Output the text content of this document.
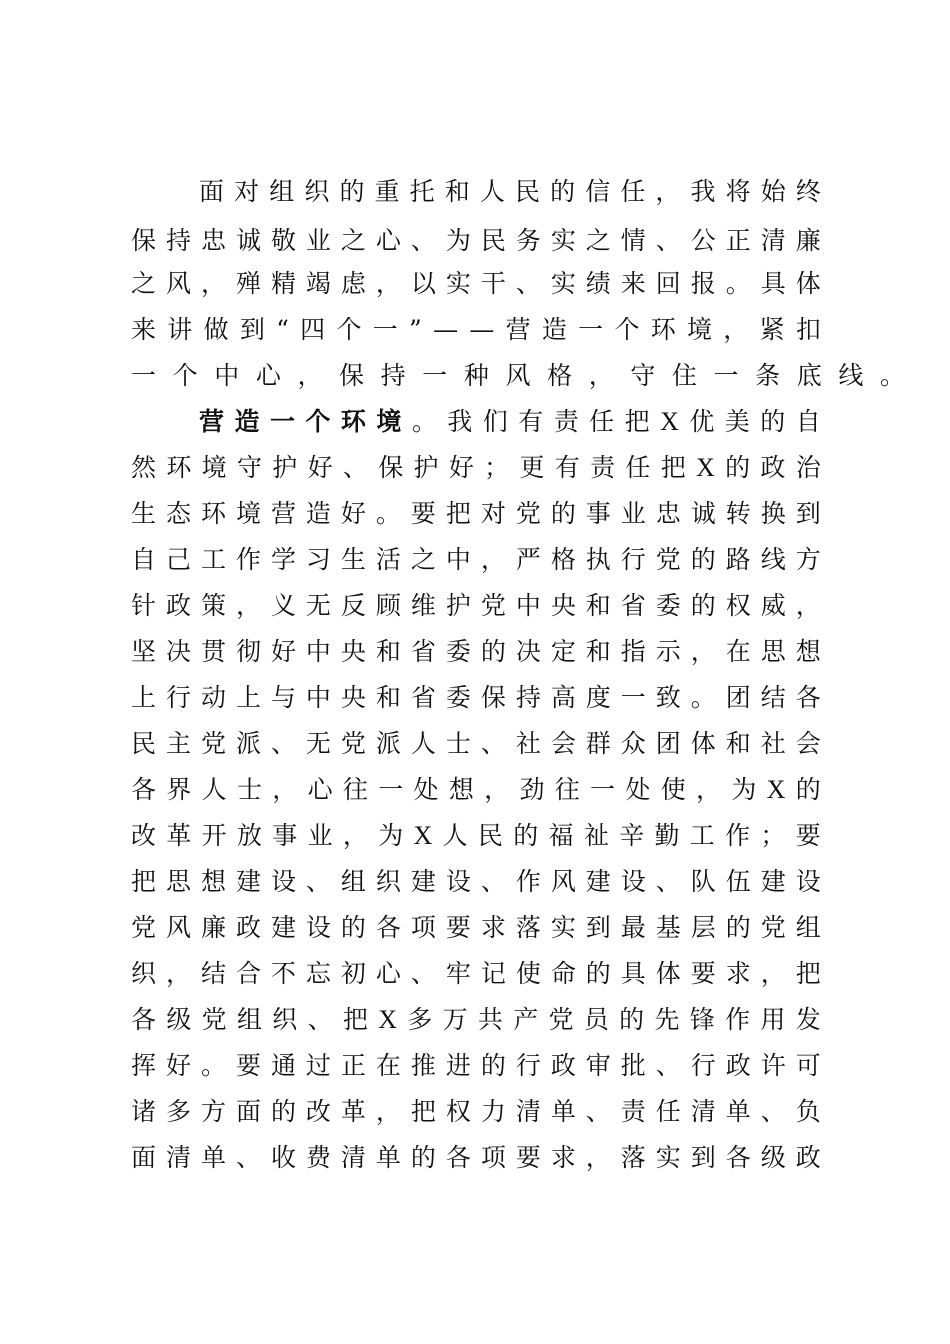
面 对 组 织 的 重 托 和 人 民 的 信 任 ， 我 将 始 终
保 持 忠 诚 敬 业 之 心 、 为 民 务 实 之 情 、 公 正 清 廉
之 风 ， 殚 精 竭 虑 ， 以 实 干 、 实 绩 来 回 报 。 具 体
来 讲 做 到 “ 四 个 一 ” — — 营 造 一 个 环 境 ， 紧 扣
一 个 中 心 ， 保 持 一 种 风 格 ， 守 住 一 条 底 线 。
营 造 一 个 环 境 。 我 们 有 责 任 把 X 优 美 的 自
然 环 境 守 护 好 、 保 护 好 ； 更 有 责 任 把 X 的 政 治
生 态 环 境 营 造 好 。 要 把 对 党 的 事 业 忠 诚 转 换 到
自 己 工 作 学 习 生 活 之 中 ， 严 格 执 行 党 的 路 线 方
针 政 策 ， 义 无 反 顾 维 护 党 中 央 和 省 委 的 权 威 ，
坚 决 贯 彻 好 中 央 和 省 委 的 决 定 和 指 示 ， 在 思 想
上 行 动 上 与 中 央 和 省 委 保 持 高 度 一 致 。 团 结 各
民 主 党 派 、 无 党 派 人 士 、 社 会 群 众 团 体 和 社 会
各 界 人 士 ， 心 往 一 处 想 ， 劲 往 一 处 使 ， 为 X 的
改 革 开 放 事 业 ， 为 X 人 民 的 福 祉 辛 勤 工 作 ； 要
把 思 想 建 设 、 组 织 建 设 、 作 风 建 设 、 队 伍 建 设
党 风 廉 政 建 设 的 各 项 要 求 落 实 到 最 基 层 的 党 组
织 ， 结 合 不 忘 初 心 、 牢 记 使 命 的 具 体 要 求 ， 把
各 级 党 组 织 、 把 X 多 万 共 产 党 员 的 先 锋 作 用 发
挥 好 。 要 通 过 正 在 推 进 的 行 政 审 批 、 行 政 许 可
诸 多 方 面 的 改 革 ， 把 权 力 清 单 、 责 任 清 单 、 负
面 清 单 、 收 费 清 单 的 各 项 要 求 ， 落 实 到 各 级 政
